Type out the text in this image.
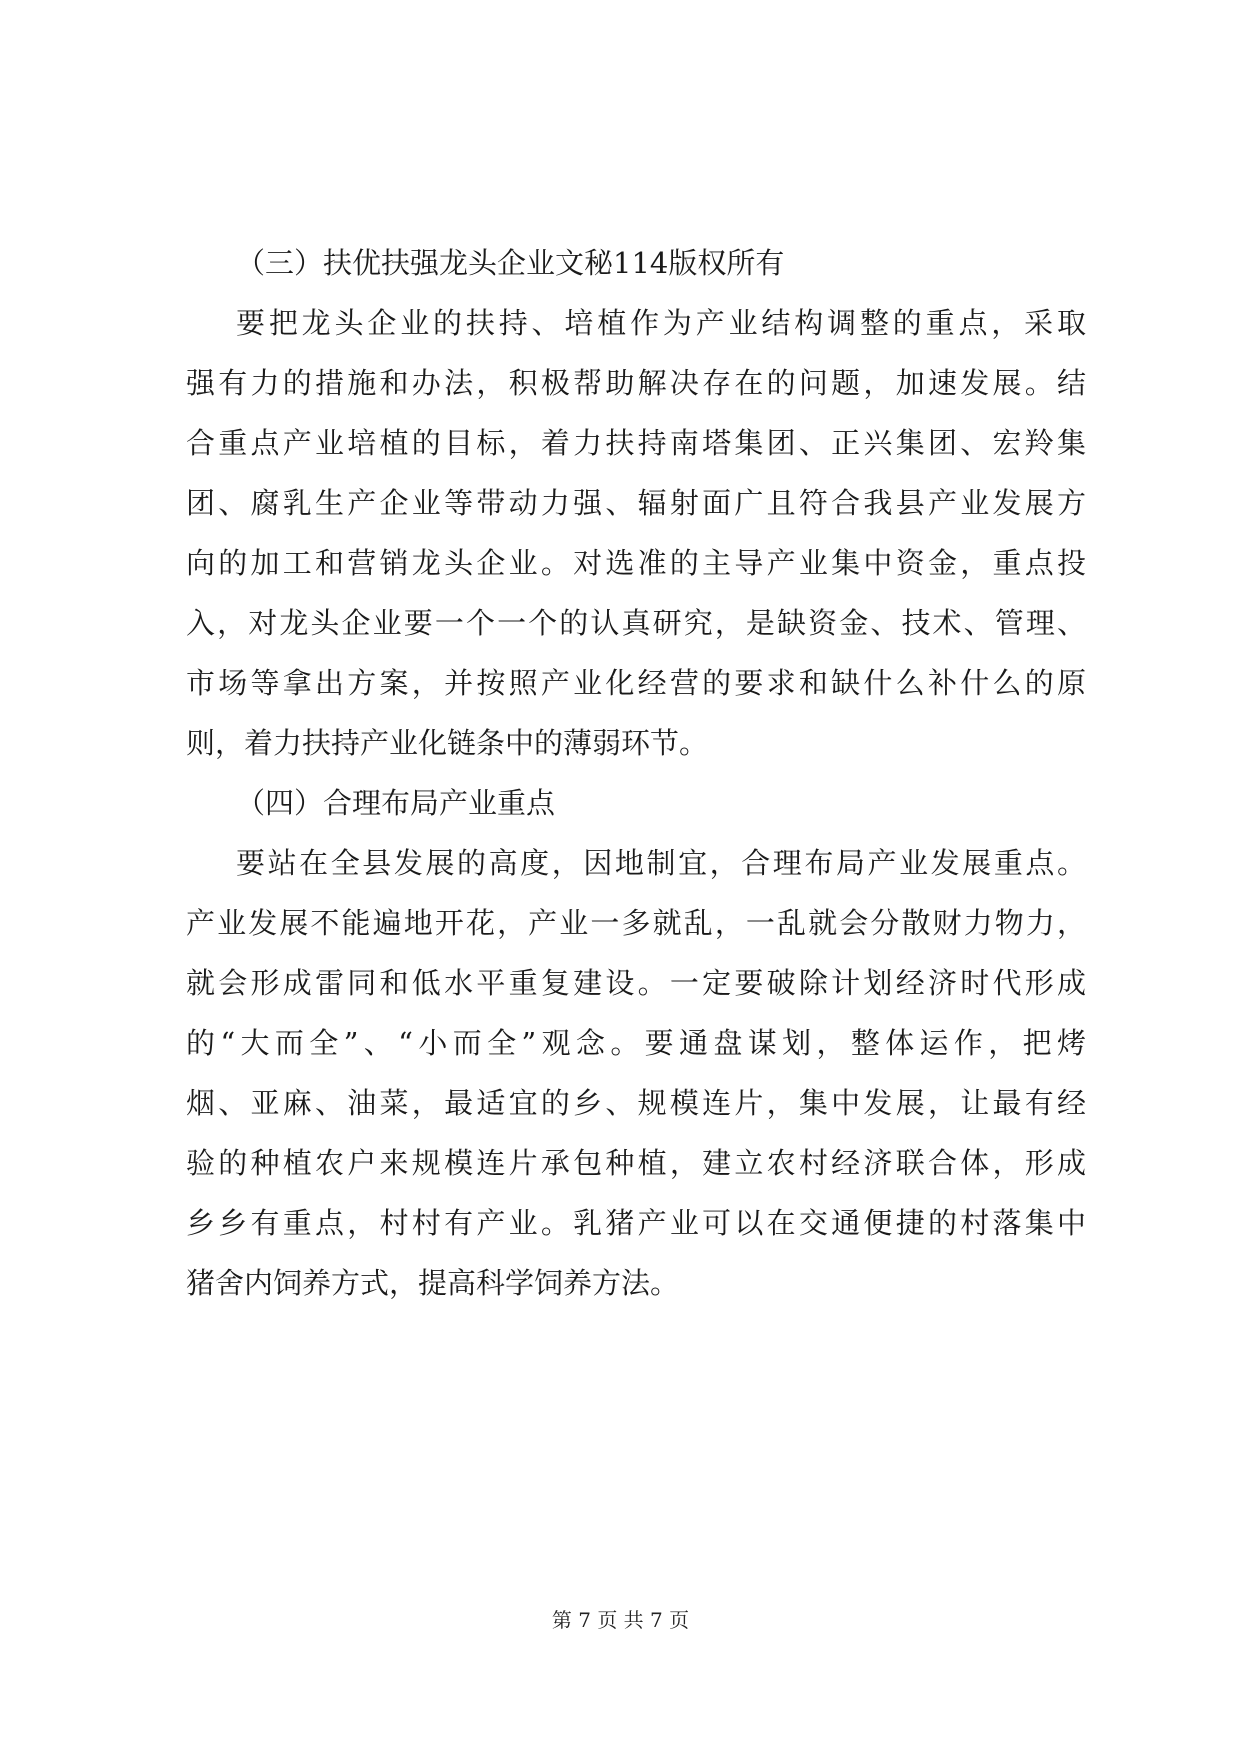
（三）扶优扶强龙头企业文秘114版权所有
要把龙头企业的扶持、培植作为产业结构调整的重点，采取
强有力的措施和办法，积极帮助解决存在的问题，加速发展。结
合重点产业培植的目标，着力扶持南塔集团、正兴集团、宏羚集
团、腐乳生产企业等带动力强、辐射面广且符合我县产业发展方
向的加工和营销龙头企业。对选准的主导产业集中资金，重点投
入，对龙头企业要一个一个的认真研究，是缺资金、技术、管理、
市场等拿出方案，并按照产业化经营的要求和缺什么补什么的原
则，着力扶持产业化链条中的薄弱环节。
（四）合理布局产业重点
要站在全县发展的高度，因地制宜，合理布局产业发展重点。
产业发展不能遍地开花，产业一多就乱，一乱就会分散财力物力，
就会形成雷同和低水平重复建设。一定要破除计划经济时代形成
的“大而全”、“小而全”观念。要通盘谋划，整体运作，把烤
烟、亚麻、油菜，最适宜的乡、规模连片，集中发展，让最有经
验的种植农户来规模连片承包种植，建立农村经济联合体，形成
乡乡有重点，村村有产业。乳猪产业可以在交通便捷的村落集中
猪舍内饲养方式，提高科学饲养方法。
第 7 页 共 7 页
